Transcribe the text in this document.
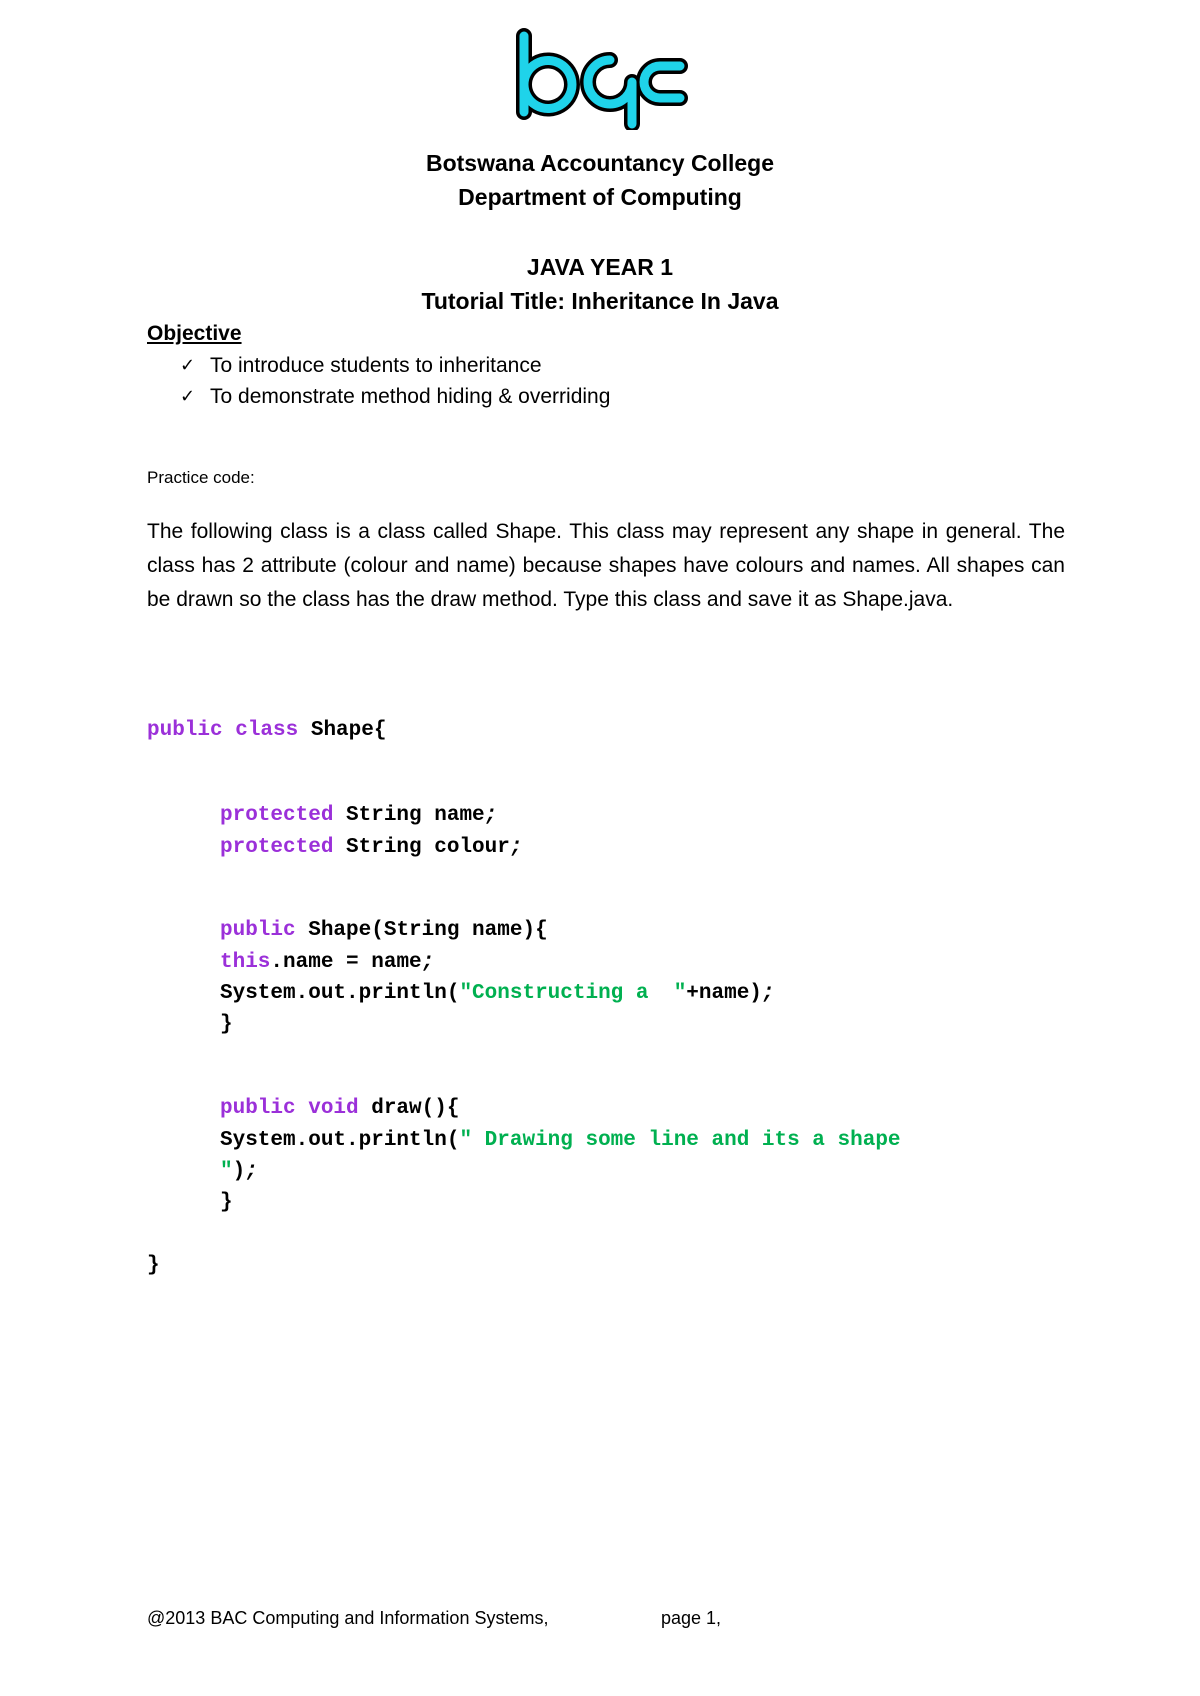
Botswana Accountancy College
Department of Computing
JAVA YEAR 1
Tutorial Title: Inheritance In Java
Objective
✓ To introduce students to inheritance
✓ To demonstrate method hiding & overriding
Practice code:

The following class is a class called Shape. This class may represent any shape in general. The class has 2 attribute (colour and name) because shapes have colours and names. All shapes can be drawn so the class has the draw method. Type this class and save it as Shape.java.

public class Shape{
protected String name;
protected String colour;
public Shape(String name){
this.name = name;
System.out.println("Constructing a  "+name);
}
public void draw(){
System.out.println(" Drawing some line and its a shape
");
}
}
@2013 BAC Computing and Information Systems,	page 1,
